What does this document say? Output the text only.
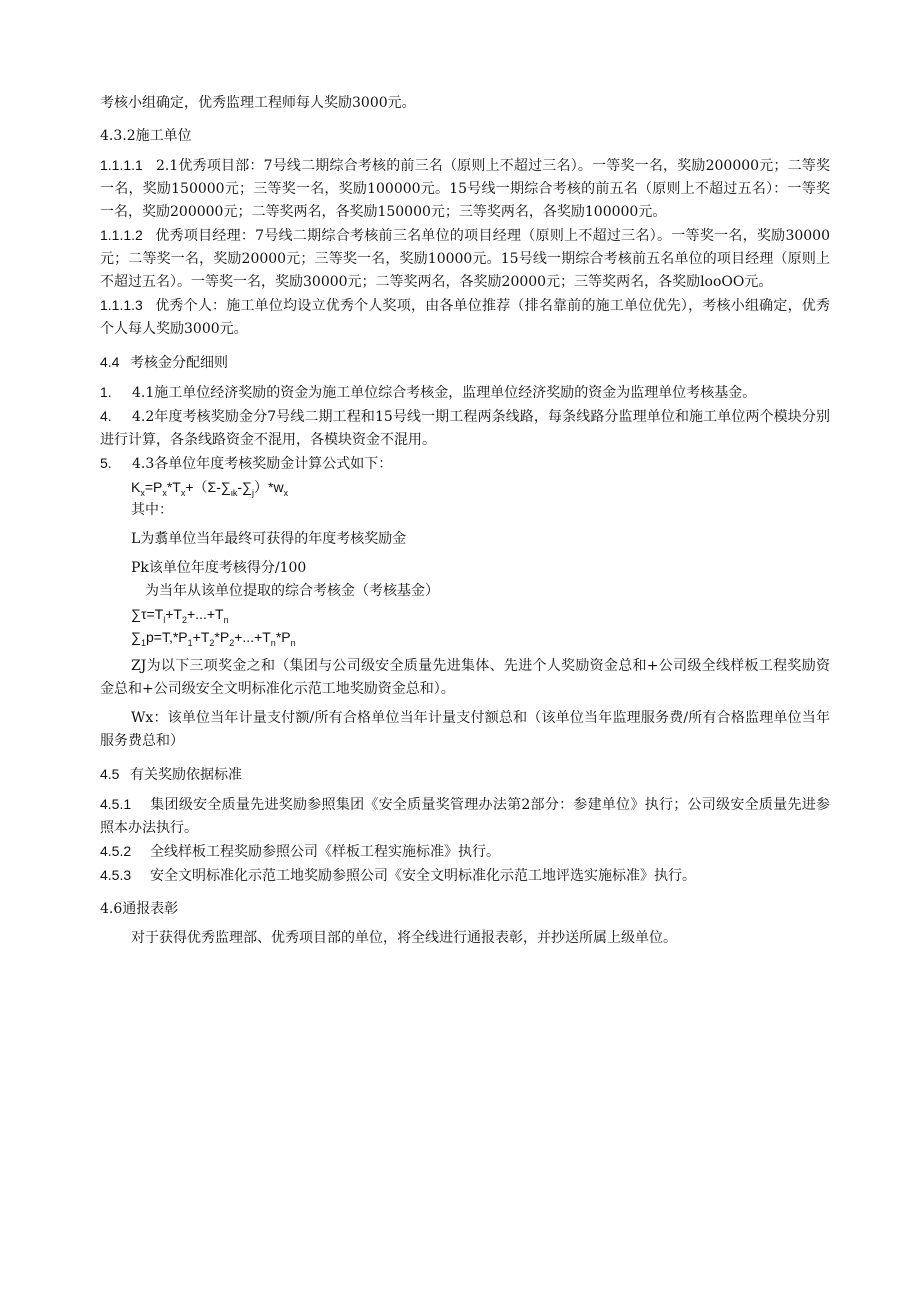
考核小组确定，优秀监理工程师每人奖励3000元。

4.3.2施工单位

1.1.1.1 2.1优秀项目部：7号线二期综合考核的前三名（原则上不超过三名）。一等奖一名，奖励200000元；二等奖一名，奖励150000元；三等奖一名，奖励100000元。15号线一期综合考核的前五名（原则上不超过五名）：一等奖一名，奖励200000元；二等奖两名，各奖励150000元；三等奖两名，各奖励100000元。

1.1.1.2 优秀项目经理：7号线二期综合考核前三名单位的项目经理（原则上不超过三名）。一等奖一名，奖励30000元；二等奖一名，奖励20000元；三等奖一名，奖励10000元。15号线一期综合考核前五名单位的项目经理（原则上不超过五名）。一等奖一名，奖励30000元；二等奖两名，各奖励20000元；三等奖两名，各奖励looOO元。

1.1.1.3 优秀个人：施工单位均设立优秀个人奖项，由各单位推荐（排名靠前的施工单位优先），考核小组确定，优秀个人每人奖励3000元。

4.4 考核金分配细则

1. 4.1施工单位经济奖励的资金为施工单位综合考核金，监理单位经济奖励的资金为监理单位考核基金。

4. 4.2年度考核奖励金分7号线二期工程和15号线一期工程两条线路，每条线路分监理单位和施工单位两个模块分别进行计算，各条线路资金不混用，各模块资金不混用。

5. 4.3各单位年度考核奖励金计算公式如下：

$K_x=P_x*T_x+(\Sigma-\sum_{\iota k}-\sum_j)*w_x$

其中：

L为翥单位当年最终可获得的年度考核奖励金

Pk该单位年度考核得分/100

为当年从该单位提取的综合考核金（考核基金）

$\sum\tau=T_l+T_2+...+T_n$

$\sum_1p=T,*P_1+T_2*P_2+...+T_n*P_n$

ZJ为以下三项奖金之和（集团与公司级安全质量先进集体、先进个人奖励资金总和+公司级全线样板工程奖励资金总和+公司级安全文明标准化示范工地奖励资金总和）。

Wx：该单位当年计量支付额/所有合格单位当年计量支付额总和（该单位当年监理服务费/所有合格监理单位当年服务费总和）

4.5 有关奖励依据标准

4.5.1 集团级安全质量先进奖励参照集团《安全质量奖管理办法第2部分：参建单位》执行；公司级安全质量先进参照本办法执行。

4.5.2 全线样板工程奖励参照公司《样板工程实施标准》执行。

4.5.3 安全文明标准化示范工地奖励参照公司《安全文明标准化示范工地评选实施标准》执行。

4.6通报表彰

对于获得优秀监理部、优秀项目部的单位，将全线进行通报表彰，并抄送所属上级单位。
